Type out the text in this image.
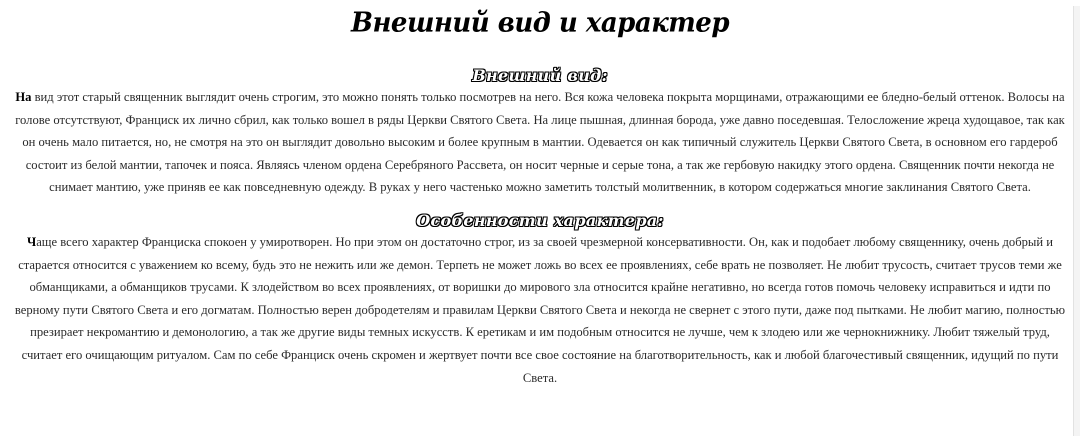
Внешний вид и характер
Внешний вид:

На вид этот старый священник выглядит очень строгим, это можно понять только посмотрев на него. Вся кожа человека покрыта морщинами, отражающими ее бледно-белый оттенок. Волосы на голове отсутствуют, Франциск их лично сбрил, как только вошел в ряды Церкви Святого Света. На лице пышная, длинная борода, уже давно поседевшая. Телосложение жреца худощавое, так как он очень мало питается, но, не смотря на это он выглядит довольно высоким и более крупным в мантии. Одевается он как типичный служитель Церкви Святого Света, в основном его гардероб состоит из белой мантии, тапочек и пояса. Являясь членом ордена Серебряного Рассвета, он носит черные и серые тона, а так же гербовую накидку этого ордена. Священник почти некогда не снимает мантию, уже приняв ее как повседневную одежду. В руках у него частенько можно заметить толстый молитвенник, в котором содержаться многие заклинания Святого Света.

Особенности характера:

Чаще всего характер Франциска спокоен у умиротворен. Но при этом он достаточно строг, из за своей чрезмерной консервативности. Он, как и подобает любому священнику, очень добрый и старается относится с уважением ко всему, будь это не нежить или же демон. Терпеть не может ложь во всех ее проявлениях, себе врать не позволяет. Не любит трусость, считает трусов теми же обманщиками, а обманщиков трусами. К злодейством во всех проявлениях, от воришки до мирового зла относится крайне негативно, но всегда готов помочь человеку исправиться и идти по верному пути Святого Света и его догматам. Полностью верен добродетелям и правилам Церкви Святого Света и некогда не свернет с этого пути, даже под пытками. Не любит магию, полностью презирает некромантию и демонологию, а так же другие виды темных искусств. К еретикам и им подобным относится не лучше, чем к злодею или же чернокнижнику. Любит тяжелый труд, считает его очищающим ритуалом. Сам по себе Франциск очень скромен и жертвует почти все свое состояние на благотворительность, как и любой благочестивый священник, идущий по пути Света.
